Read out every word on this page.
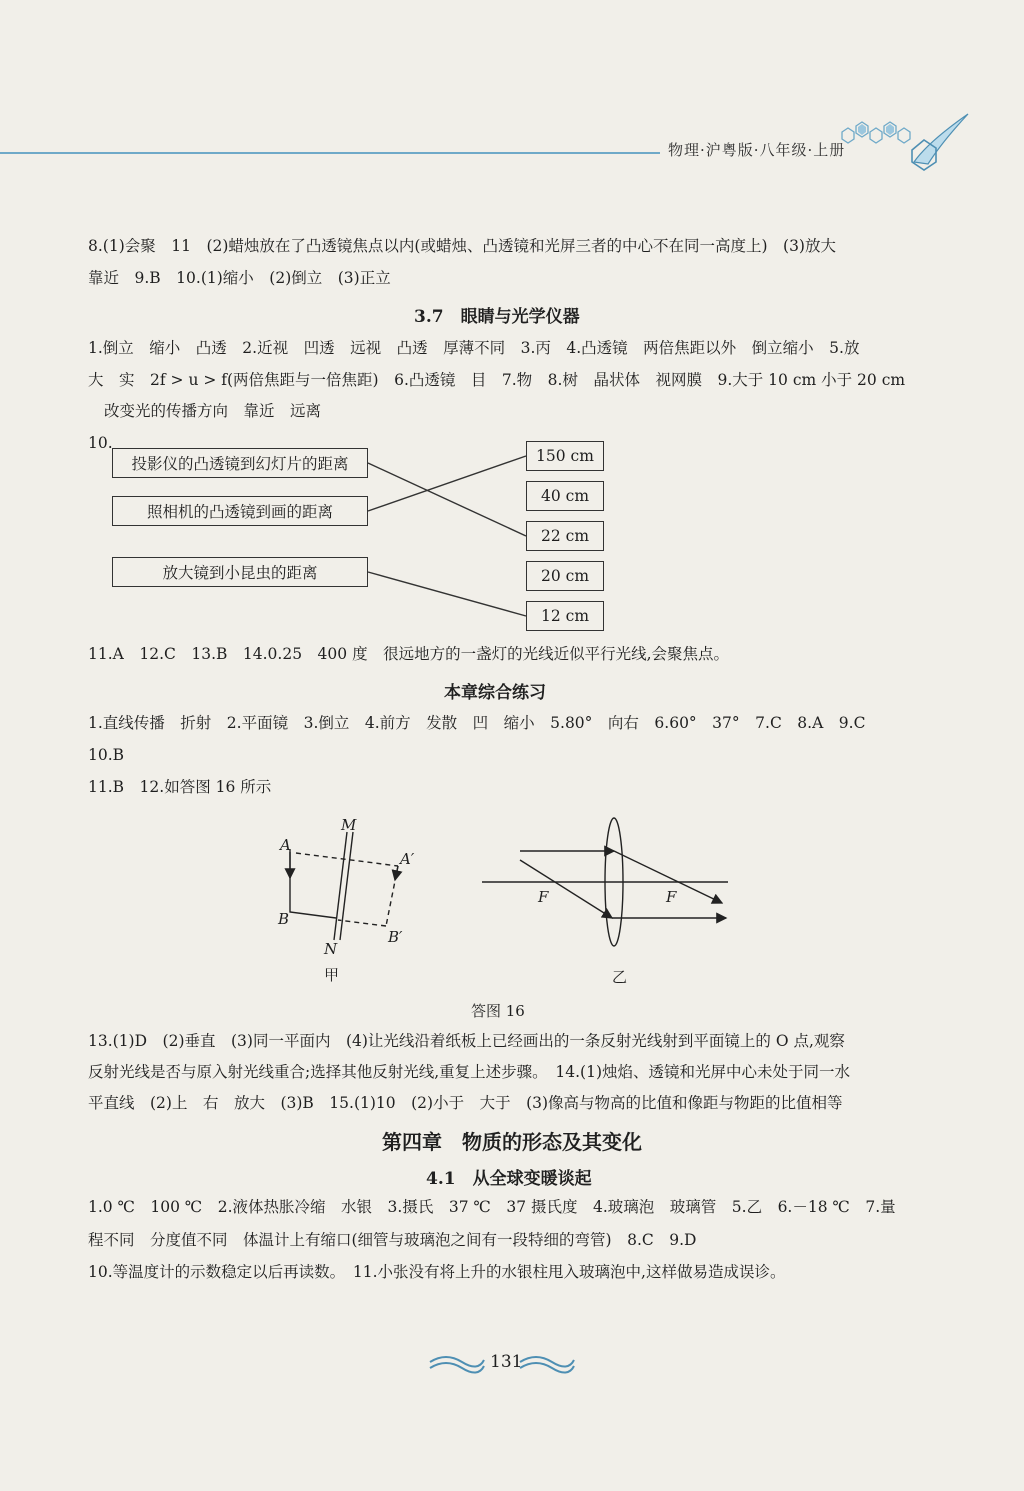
物理·沪粤版·八年级·上册
8.(1)会聚　11　(2)蜡烛放在了凸透镜焦点以内(或蜡烛、凸透镜和光屏三者的中心不在同一高度上)　(3)放大
靠近　9.B　10.(1)缩小　(2)倒立　(3)正立
3.7　眼睛与光学仪器
1.倒立　缩小　凸透　2.近视　凹透　远视　凸透　厚薄不同　3.丙　4.凸透镜　两倍焦距以外　倒立缩小　5.放
大　实　2f > u > f(两倍焦距与一倍焦距)　6.凸透镜　目　7.物　8.树　晶状体　视网膜　9.大于 10 cm 小于 20 cm
改变光的传播方向　靠近　远离
10.
投影仪的凸透镜到幻灯片的距离
照相机的凸透镜到画的距离
放大镜到小昆虫的距离
150 cm
40 cm
22 cm
20 cm
12 cm
11.A　12.C　13.B　14.0.25　400 度　很远地方的一盏灯的光线近似平行光线,会聚焦点。
本章综合练习
1.直线传播　折射　2.平面镜　3.倒立　4.前方　发散　凹　缩小　5.80°　向右　6.60°　37°　7.C　8.A　9.C
10.B
11.B　12.如答图 16 所示
A
B
A′
B′
M
N
甲
F	F
乙
答图 16
13.(1)D　(2)垂直　(3)同一平面内　(4)让光线沿着纸板上已经画出的一条反射光线射到平面镜上的 O 点,观察
反射光线是否与原入射光线重合;选择其他反射光线,重复上述步骤。　14.(1)烛焰、透镜和光屏中心未处于同一水
平直线　(2)上　右　放大　(3)B　15.(1)10　(2)小于　大于　(3)像高与物高的比值和像距与物距的比值相等
第四章　物质的形态及其变化
4.1　从全球变暖谈起
1.0 ℃　100 ℃　2.液体热胀冷缩　水银　3.摄氏　37 ℃　37 摄氏度　4.玻璃泡　玻璃管　5.乙　6.－18 ℃　7.量
程不同　分度值不同　体温计上有缩口(细管与玻璃泡之间有一段特细的弯管)　8.C　9.D
10.等温度计的示数稳定以后再读数。　11.小张没有将上升的水银柱甩入玻璃泡中,这样做易造成误诊。
131
